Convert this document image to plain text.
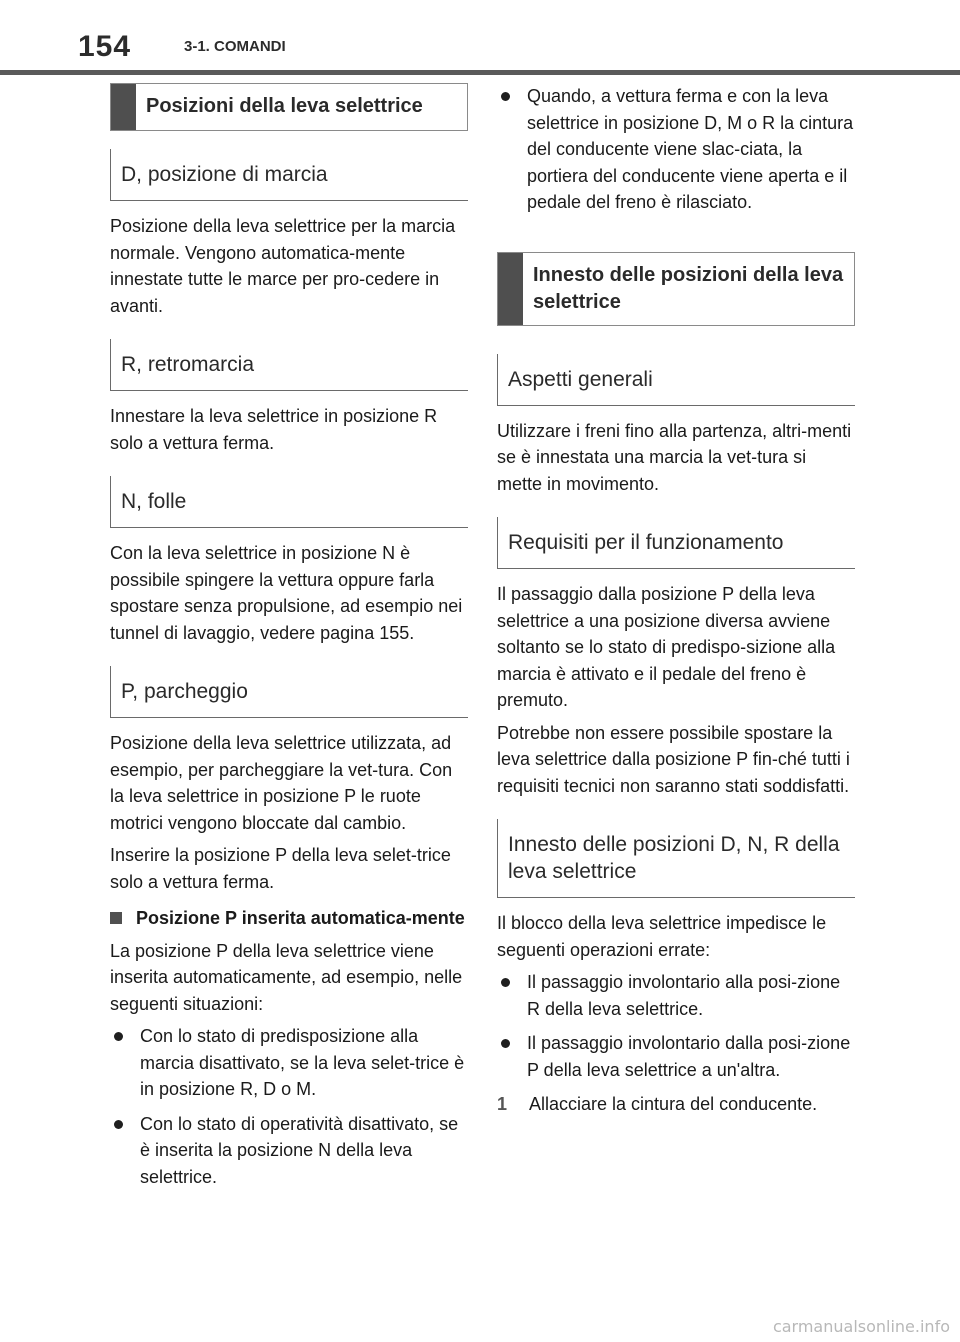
154	3-1. COMANDI
Posizioni della leva selettrice
D, posizione di marcia

Posizione della leva selettrice per la marcia normale. Vengono automatica-mente innestate tutte le marce per pro-cedere in avanti.

R, retromarcia

Innestare la leva selettrice in posizione R solo a vettura ferma.

N, folle

Con la leva selettrice in posizione N è possibile spingere la vettura oppure farla spostare senza propulsione, ad esempio nei tunnel di lavaggio, vedere pagina 155.

P, parcheggio

Posizione della leva selettrice utilizzata, ad esempio, per parcheggiare la vet-tura. Con la leva selettrice in posizione P le ruote motrici vengono bloccate dal cambio.

Inserire la posizione P della leva selet-trice solo a vettura ferma.

Posizione P inserita automatica-mente

La posizione P della leva selettrice viene inserita automaticamente, ad esempio, nelle seguenti situazioni:

Con lo stato di predisposizione alla marcia disattivato, se la leva selet-trice è in posizione R, D o M.
Con lo stato di operatività disattivato, se è inserita la posizione N della leva selettrice.
Quando, a vettura ferma e con la leva selettrice in posizione D, M o R la cintura del conducente viene slac-ciata, la portiera del conducente viene aperta e il pedale del freno è rilasciato.
Innesto delle posizioni della leva selettrice
Aspetti generali

Utilizzare i freni fino alla partenza, altri-menti se è innestata una marcia la vet-tura si mette in movimento.

Requisiti per il funzionamento

Il passaggio dalla posizione P della leva selettrice a una posizione diversa avviene soltanto se lo stato di predispo-sizione alla marcia è attivato e il pedale del freno è premuto.

Potrebbe non essere possibile spostare la leva selettrice dalla posizione P fin-ché tutti i requisiti tecnici non saranno stati soddisfatti.

Innesto delle posizioni D, N, R della leva selettrice

Il blocco della leva selettrice impedisce le seguenti operazioni errate:

Il passaggio involontario alla posi-zione R della leva selettrice.
Il passaggio involontario dalla posi-zione P della leva selettrice a un'altra.
1	Allacciare la cintura del conducente.
carmanualsonline.info
